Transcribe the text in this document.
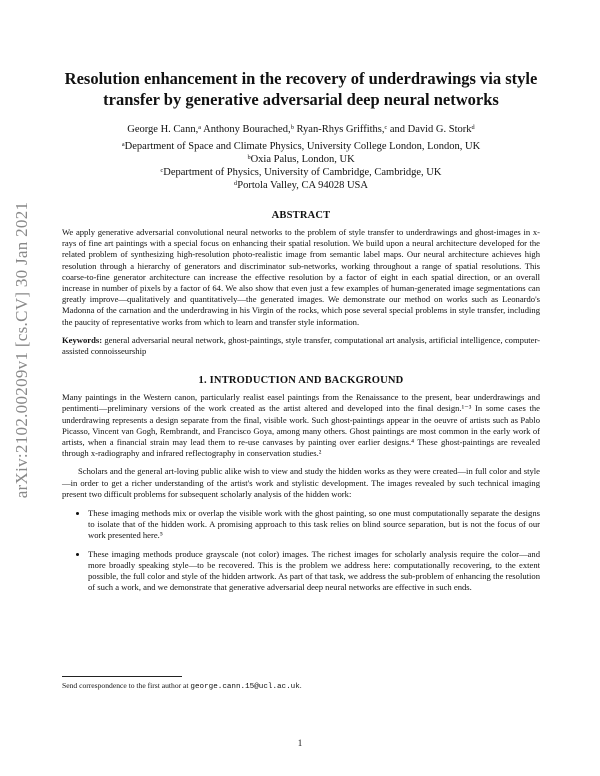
arXiv:2102.00209v1 [cs.CV] 30 Jan 2021
Resolution enhancement in the recovery of underdrawings via style transfer by generative adversarial deep neural networks
George H. Cann,ᵃ Anthony Bourached,ᵇ Ryan-Rhys Griffiths,ᶜ and David G. Storkᵈ
ᵃDepartment of Space and Climate Physics, University College London, London, UK
ᵇOxia Palus, London, UK
ᶜDepartment of Physics, University of Cambridge, Cambridge, UK
ᵈPortola Valley, CA 94028 USA
ABSTRACT

We apply generative adversarial convolutional neural networks to the problem of style transfer to underdrawings and ghost-images in x-rays of fine art paintings with a special focus on enhancing their spatial resolution. We build upon a neural architecture developed for the related problem of synthesizing high-resolution photo-realistic image from semantic label maps. Our neural architecture achieves high resolution through a hierarchy of generators and discriminator sub-networks, working throughout a range of spatial resolutions. This coarse-to-fine generator architecture can increase the effective resolution by a factor of eight in each spatial direction, or an overall increase in number of pixels by a factor of 64. We also show that even just a few examples of human-generated image segmentations can greatly improve—qualitatively and quantitatively—the generated images. We demonstrate our method on works such as Leonardo's Madonna of the carnation and the underdrawing in his Virgin of the rocks, which pose several special problems in style transfer, including the paucity of representative works from which to learn and transfer style information.

Keywords: general adversarial neural network, ghost-paintings, style transfer, computational art analysis, artificial intelligence, computer-assisted connoisseurship

1. INTRODUCTION AND BACKGROUND

Many paintings in the Western canon, particularly realist easel paintings from the Renaissance to the present, bear underdrawings and pentimenti—preliminary versions of the work created as the artist altered and developed into the final design.¹⁻³ In some cases the underdrawing represents a design separate from the final, visible work. Such ghost-paintings appear in the oeuvre of artists such as Pablo Picasso, Vincent van Gogh, Rembrandt, and Francisco Goya, among many others. Ghost paintings are most common in the early work of artists, when a financial strain may lead them to re-use canvases by painting over earlier designs.⁴ These ghost-paintings are revealed through x-radiography and infrared reflectography in conservation studies.²

Scholars and the general art-loving public alike wish to view and study the hidden works as they were created—in full color and style—in order to get a richer understanding of the artist's work and stylistic development. The images revealed by such technical imaging present two difficult problems for subsequent scholarly analysis of the hidden work:

• These imaging methods mix or overlap the visible work with the ghost painting, so one must computationally separate the designs to isolate that of the hidden work. A promising approach to this task relies on blind source separation, but is not the focus of our work presented here.⁵
• These imaging methods produce grayscale (not color) images. The richest images for scholarly analysis require the color—and more broadly speaking style—to be recovered. This is the problem we address here: computationally recovering, to the extent possible, the full color and style of the hidden artwork. As part of that task, we address the sub-problem of enhancing the resolution of such a work, and we demonstrate that generative adversarial deep neural networks are effective in such ends.
Send correspondence to the first author at george.cann.15@ucl.ac.uk.
1
